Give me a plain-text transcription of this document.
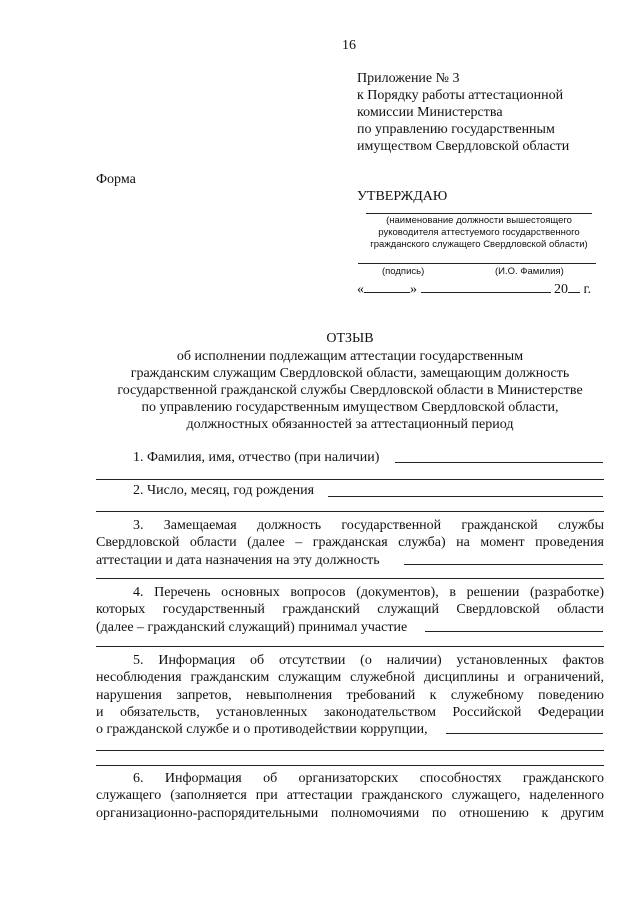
16
Приложение № 3
к Порядку работы аттестационной
комиссии Министерства
по управлению государственным
имуществом Свердловской области
Форма
УТВЕРЖДАЮ
(наименование должности вышестоящего
руководителя аттестуемого государственного
гражданского служащего Свердловской области)
(подпись)	(И.О. Фамилия)
«	»	20 г.
ОТЗЫВ
об исполнении подлежащим аттестации государственным
гражданским служащим Свердловской области, замещающим должность
государственной гражданской службы Свердловской области в Министерстве
по управлению государственным имуществом Свердловской области,
должностных обязанностей за аттестационный период
1. Фамилия, имя, отчество (при наличии)
2. Число, месяц, год рождения
3. Замещаемая должность государственной гражданской службы
Свердловской области (далее – гражданская служба) на момент проведения
аттестации и дата назначения на эту должность
4. Перечень основных вопросов (документов), в решении (разработке)
которых государственный гражданский служащий Свердловской области
(далее – гражданский служащий) принимал участие
5. Информация об отсутствии (о наличии) установленных фактов
несоблюдения гражданским служащим служебной дисциплины и ограничений,
нарушения запретов, невыполнения требований к служебному поведению
и обязательств, установленных законодательством Российской Федерации
о гражданской службе и о противодействии коррупции,
6. Информация об организаторских способностях гражданского
служащего (заполняется при аттестации гражданского служащего, наделенного
организационно-распорядительными полномочиями по отношению к другим
